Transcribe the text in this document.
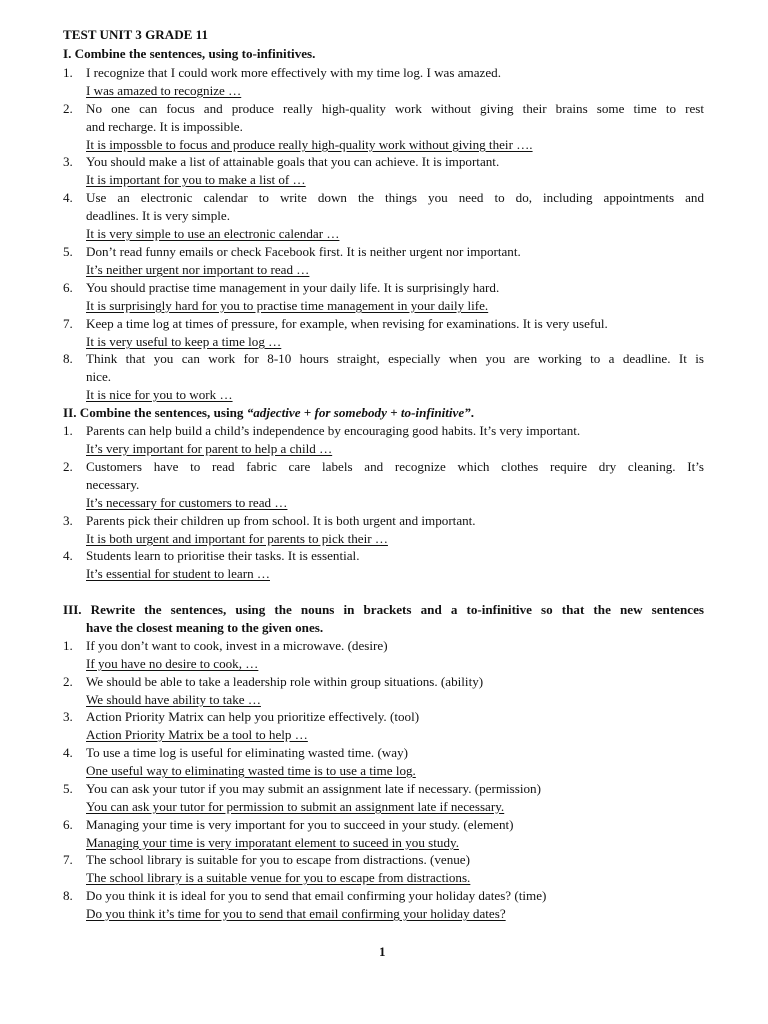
TEST UNIT 3 GRADE 11
I. Combine the sentences, using to-infinitives.
1. I recognize that I could work more effectively with my time log. I was amazed.
I was amazed to recognize …
2. No one can focus and produce really high-quality work without giving their brains some time to rest
and recharge. It is impossible.
It is impossble to focus and produce really high-quality work without giving their ….
3. You should make a list of attainable goals that you can achieve. It is important.
It is important for you to make a list of …
4. Use an electronic calendar to write down the things you need to do, including appointments and
deadlines. It is very simple.
It is very simple to use an electronic calendar …
5. Don’t read funny emails or check Facebook first. It is neither urgent nor important.
It’s neither urgent nor important to read …
6. You should practise time management in your daily life. It is surprisingly hard.
It is surprisingly hard for you to practise time management in your daily life.
7. Keep a time log at times of pressure, for example, when revising for examinations. It is very useful.
It is very useful to keep a time log …
8. Think that you can work for 8-10 hours straight, especially when you are working to a deadline. It is
nice.
It is nice for you to work …
II. Combine the sentences, using “adjective + for somebody + to-infinitive”.
1. Parents can help build a child’s independence by encouraging good habits. It’s very important.
It’s very important for parent to help a child …
2. Customers have to read fabric care labels and recognize which clothes require dry cleaning. It’s
necessary.
It’s necessary for customers to read …
3. Parents pick their children up from school. It is both urgent and important.
It is both urgent and important for parents to pick their …
4. Students learn to prioritise their tasks. It is essential.
It’s essential for student to learn …
III. Rewrite the sentences, using the nouns in brackets and a to-infinitive so that the new sentences
have the closest meaning to the given ones.
1. If you don’t want to cook, invest in a microwave. (desire)
If you have no desire to cook, …
2. We should be able to take a leadership role within group situations. (ability)
We should have ability to take …
3. Action Priority Matrix can help you prioritize effectively. (tool)
Action Priority Matrix be a tool to help …
4. To use a time log is useful for eliminating wasted time. (way)
One useful way to eliminating wasted time is to use a time log.
5. You can ask your tutor if you may submit an assignment late if necessary. (permission)
You can ask your tutor for permission to submit an assignment late if necessary.
6. Managing your time is very important for you to succeed in your study. (element)
Managing your time is very imporatant element to suceed in you study.
7. The school library is suitable for you to escape from distractions. (venue)
The school library is a suitable venue for you to escape from distractions.
8. Do you think it is ideal for you to send that email confirming your holiday dates? (time)
Do you think it’s time for you to send that email confirming your holiday dates?
1
